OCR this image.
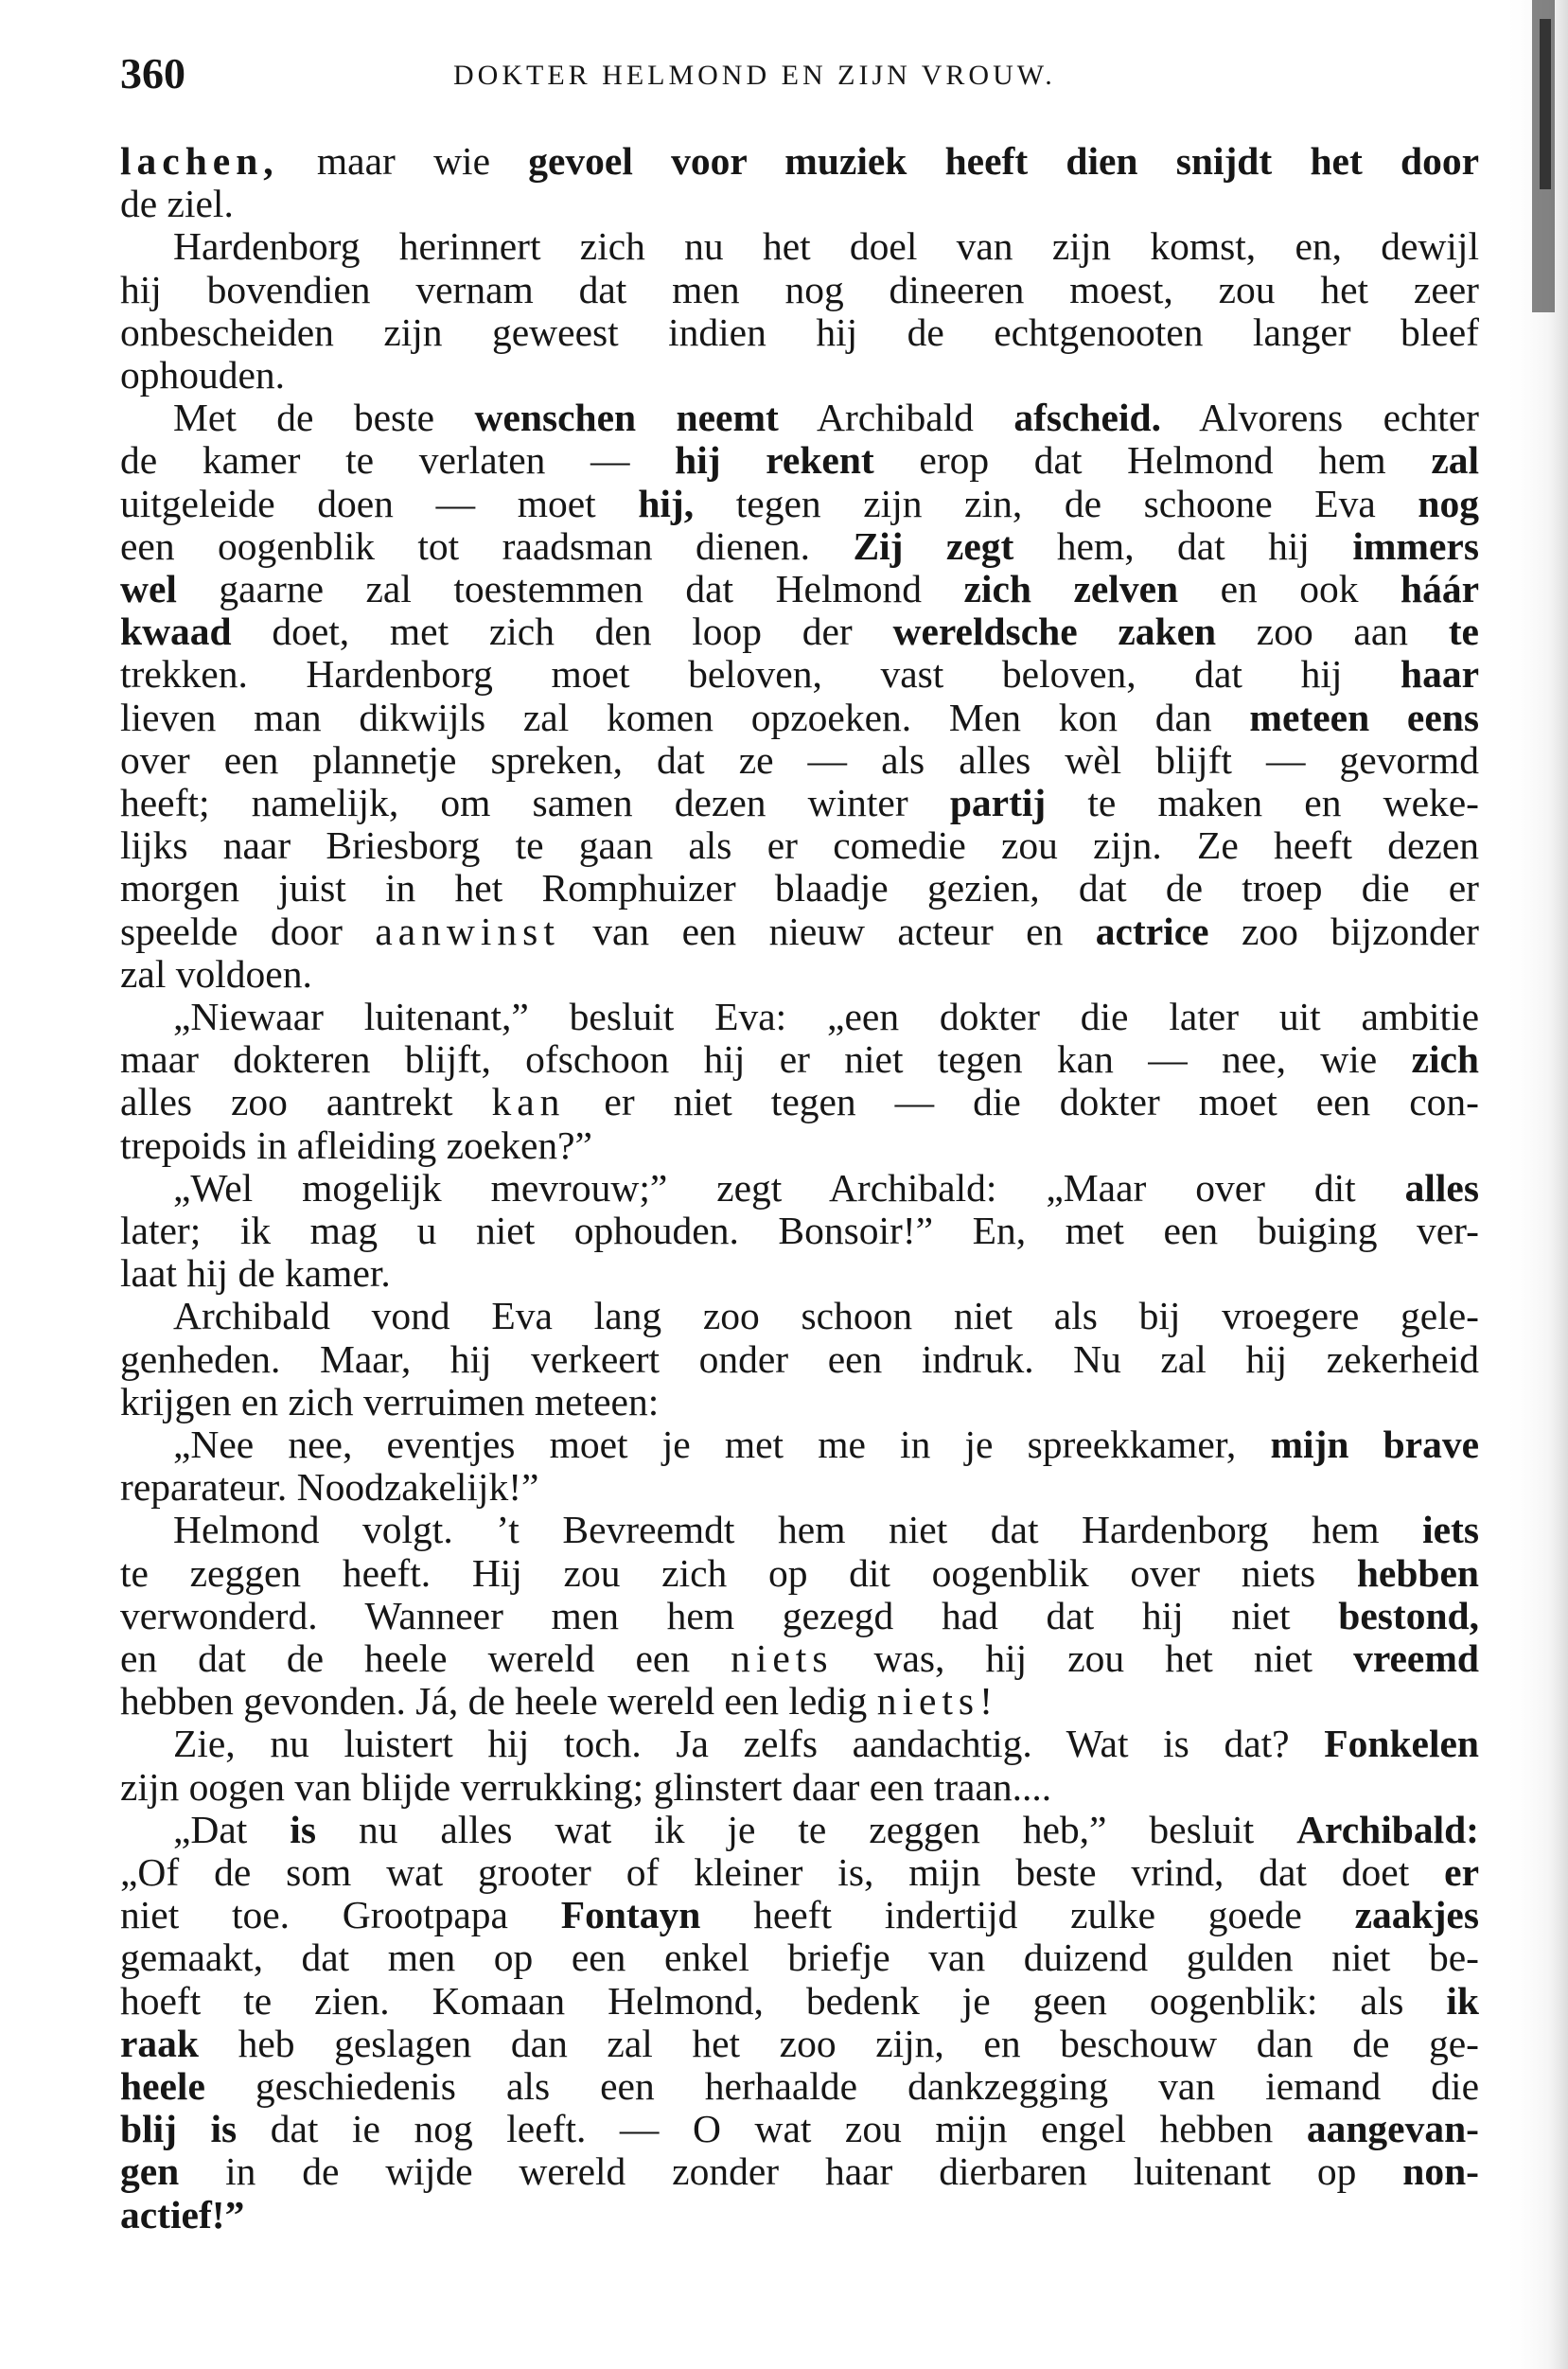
360	DOKTER HELMOND EN ZIJN VROUW.
lachen, maar wie gevoel voor muziek heeft dien snijdt het door
de ziel.
Hardenborg herinnert zich nu het doel van zijn komst, en, dewijl
hij bovendien vernam dat men nog dineeren moest, zou het zeer
onbescheiden zijn geweest indien hij de echtgenooten langer bleef
ophouden.
Met de beste wenschen neemt Archibald afscheid. Alvorens echter
de kamer te verlaten — hij rekent erop dat Helmond hem zal
uitgeleide doen — moet hij, tegen zijn zin, de schoone Eva nog
een oogenblik tot raadsman dienen. Zij zegt hem, dat hij immers
wel gaarne zal toestemmen dat Helmond zich zelven en ook háár
kwaad doet, met zich den loop der wereldsche zaken zoo aan te
trekken. Hardenborg moet beloven, vast beloven, dat hij haar
lieven man dikwijls zal komen opzoeken. Men kon dan meteen eens
over een plannetje spreken, dat ze — als alles wèl blijft — gevormd
heeft; namelijk, om samen dezen winter partij te maken en weke-
lijks naar Briesborg te gaan als er comedie zou zijn. Ze heeft dezen
morgen juist in het Romphuizer blaadje gezien, dat de troep die er
speelde door aanwinst van een nieuw acteur en actrice zoo bijzonder
zal voldoen.
„Niewaar luitenant,” besluit Eva: „een dokter die later uit ambitie
maar dokteren blijft, ofschoon hij er niet tegen kan — nee, wie zich
alles zoo aantrekt kan er niet tegen — die dokter moet een con-
trepoids in afleiding zoeken?”
„Wel mogelijk mevrouw;” zegt Archibald: „Maar over dit alles
later; ik mag u niet ophouden. Bonsoir!” En, met een buiging ver-
laat hij de kamer.
Archibald vond Eva lang zoo schoon niet als bij vroegere gele-
genheden. Maar, hij verkeert onder een indruk. Nu zal hij zekerheid
krijgen en zich verruimen meteen:
„Nee nee, eventjes moet je met me in je spreekkamer, mijn brave
reparateur. Noodzakelijk!”
Helmond volgt. ’t Bevreemdt hem niet dat Hardenborg hem iets
te zeggen heeft. Hij zou zich op dit oogenblik over niets hebben
verwonderd. Wanneer men hem gezegd had dat hij niet bestond,
en dat de heele wereld een niets was, hij zou het niet vreemd
hebben gevonden. Já, de heele wereld een ledig niets!
Zie, nu luistert hij toch. Ja zelfs aandachtig. Wat is dat? Fonkelen
zijn oogen van blijde verrukking; glinstert daar een traan....
„Dat is nu alles wat ik je te zeggen heb,” besluit Archibald:
„Of de som wat grooter of kleiner is, mijn beste vrind, dat doet er
niet toe. Grootpapa Fontayn heeft indertijd zulke goede zaakjes
gemaakt, dat men op een enkel briefje van duizend gulden niet be-
hoeft te zien. Komaan Helmond, bedenk je geen oogenblik: als ik
raak heb geslagen dan zal het zoo zijn, en beschouw dan de ge-
heele geschiedenis als een herhaalde dankzegging van iemand die
blij is dat ie nog leeft. — O wat zou mijn engel hebben aangevan-
gen in de wijde wereld zonder haar dierbaren luitenant op non-
actief!”
